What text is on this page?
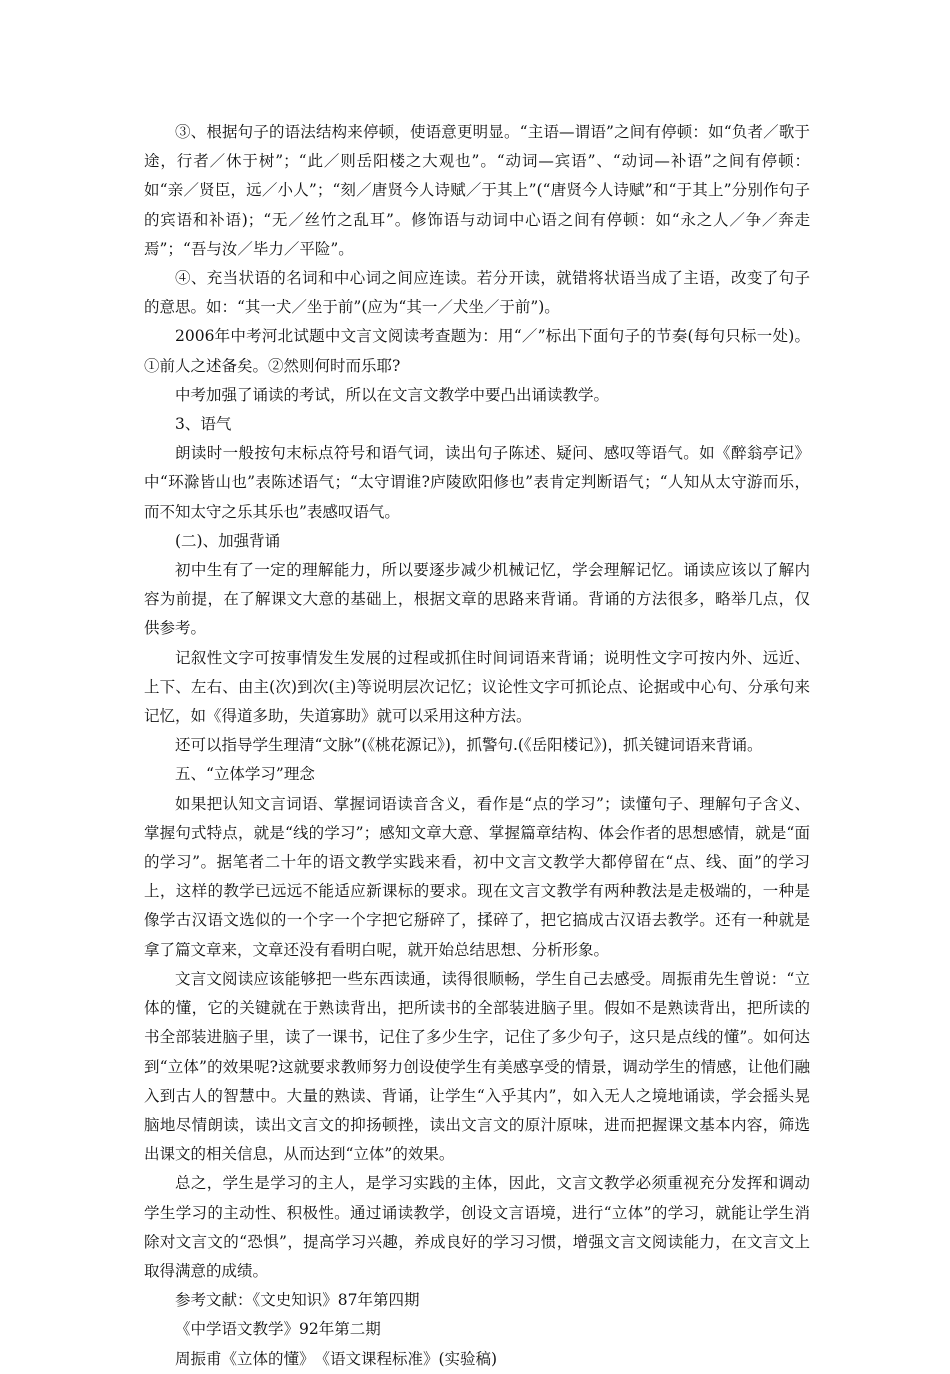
③、根据句子的语法结构来停顿，使语意更明显。“主语—谓语”之间有停顿：如“负者／歌于途，行者／休于树”；“此／则岳阳楼之大观也”。“动词—宾语”、“动词—补语”之间有停顿：如“亲／贤臣，远／小人”；“刻／唐贤今人诗赋／于其上”(“唐贤今人诗赋”和“于其上”分别作句子的宾语和补语)；“无／丝竹之乱耳”。修饰语与动词中心语之间有停顿：如“永之人／争／奔走焉”；“吾与汝／毕力／平险”。

④、充当状语的名词和中心词之间应连读。若分开读，就错将状语当成了主语，改变了句子的意思。如：“其一犬／坐于前”(应为“其一／犬坐／于前”)。

2006年中考河北试题中文言文阅读考查题为：用“／”标出下面句子的节奏(每句只标一处)。①前人之述备矣。②然则何时而乐耶?

中考加强了诵读的考试，所以在文言文教学中要凸出诵读教学。

3、语气

朗读时一般按句末标点符号和语气词，读出句子陈述、疑问、感叹等语气。如《醉翁亭记》中“环滁皆山也”表陈述语气；“太守谓谁?庐陵欧阳修也”表肯定判断语气；“人知从太守游而乐，而不知太守之乐其乐也”表感叹语气。

(二)、加强背诵

初中生有了一定的理解能力，所以要逐步减少机械记忆，学会理解记忆。诵读应该以了解内容为前提，在了解课文大意的基础上，根据文章的思路来背诵。背诵的方法很多，略举几点，仅供参考。

记叙性文字可按事情发生发展的过程或抓住时间词语来背诵；说明性文字可按内外、远近、上下、左右、由主(次)到次(主)等说明层次记忆；议论性文字可抓论点、论据或中心句、分承句来记忆，如《得道多助，失道寡助》就可以采用这种方法。

还可以指导学生理清“文脉”(《桃花源记》)，抓警句.(《岳阳楼记》)，抓关键词语来背诵。

五、“立体学习”理念

如果把认知文言词语、掌握词语读音含义，看作是“点的学习”；读懂句子、理解句子含义、掌握句式特点，就是“线的学习”；感知文章大意、掌握篇章结构、体会作者的思想感情，就是“面的学习”。据笔者二十年的语文教学实践来看，初中文言文教学大都停留在“点、线、面”的学习上，这样的教学已远远不能适应新课标的要求。现在文言文教学有两种教法是走极端的，一种是像学古汉语文选似的一个字一个字把它掰碎了，揉碎了，把它搞成古汉语去教学。还有一种就是拿了篇文章来，文章还没有看明白呢，就开始总结思想、分析形象。

文言文阅读应该能够把一些东西读通，读得很顺畅，学生自己去感受。周振甫先生曾说：“立体的懂，它的关键就在于熟读背出，把所读书的全部装进脑子里。假如不是熟读背出，把所读的书全部装进脑子里，读了一课书，记住了多少生字，记住了多少句子，这只是点线的懂”。如何达到“立体”的效果呢?这就要求教师努力创设使学生有美感享受的情景，调动学生的情感，让他们融入到古人的智慧中。大量的熟读、背诵，让学生“入乎其内”，如入无人之境地诵读，学会摇头晃脑地尽情朗读，读出文言文的抑扬顿挫，读出文言文的原汁原味，进而把握课文基本内容，筛选出课文的相关信息，从而达到“立体”的效果。

总之，学生是学习的主人，是学习实践的主体，因此，文言文教学必须重视充分发挥和调动学生学习的主动性、积极性。通过诵读教学，创设文言语境，进行“立体”的学习，就能让学生消除对文言文的“恐惧”，提高学习兴趣，养成良好的学习习惯，增强文言文阅读能力，在文言文上取得满意的成绩。

参考文献：《文史知识》87年第四期

《中学语文教学》92年第二期

周振甫《立体的懂》　《语文课程标准》(实验稿)
